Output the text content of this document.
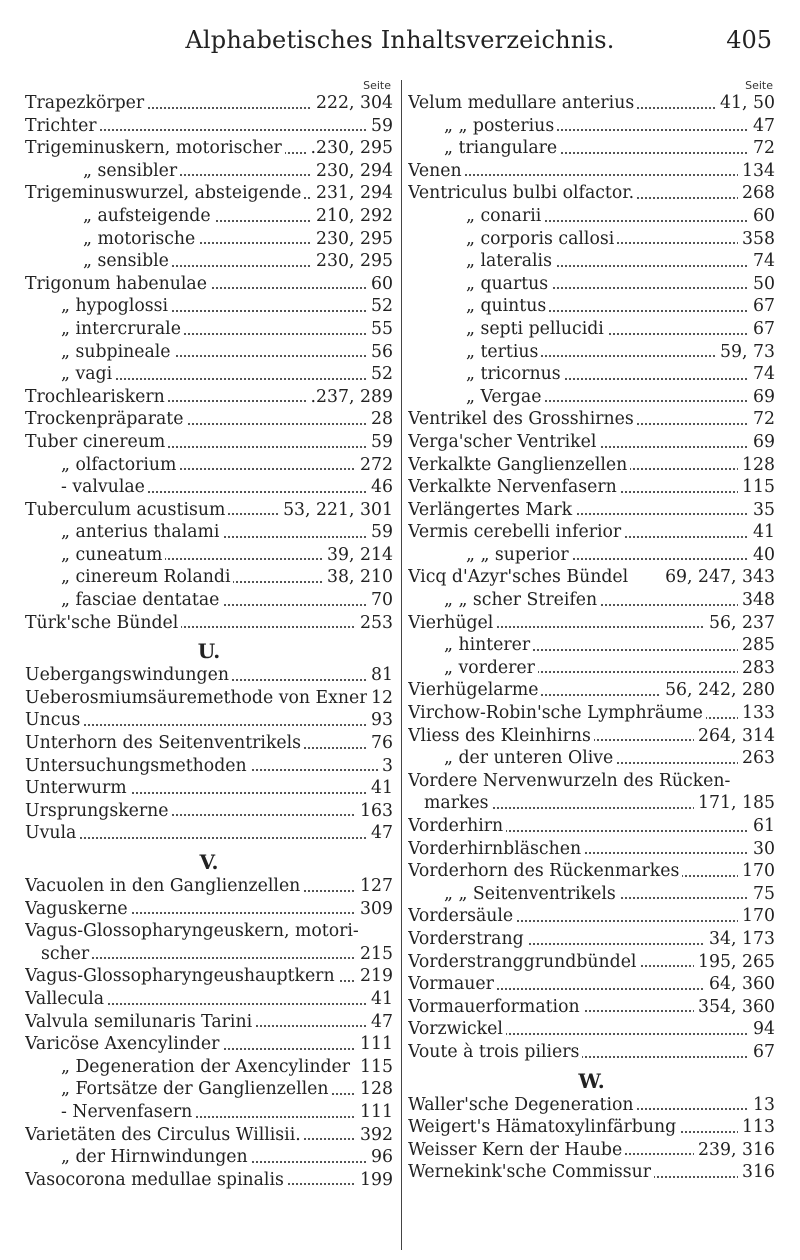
Alphabetisches Inhaltsverzeichnis.	405
Seite
Trapezkörper	222, 304
Trichter	59
Trigeminuskern, motorischer .230, 295
„ sensibler	230, 294
Trigeminuswurzel, absteigende 231, 294
„ aufsteigende	210, 292
„ motorische	230, 295
„ sensible	230, 295
Trigonum habenulae	60
„ hypoglossi	52
„ intercrurale	55
„ subpineale	56
„ vagi	52
Trochleariskern	.237, 289
Trockenpräparate	28
Tuber cinereum	59
„ olfactorium	272
- valvulae	46
Tuberculum acustisum	53, 221, 301
„ anterius thalami	59
„ cuneatum	39, 214
„ cinereum Rolandi	38, 210
„ fasciae dentatae	70
Türk'sche Bündel	253
U.
Uebergangswindungen	81
Ueberosmiumsäuremethode von Exner 12
Uncus	93
Unterhorn des Seitenventrikels	76
Untersuchungsmethoden	3
Unterwurm	41
Ursprungskerne	163
Uvula	47
V.
Vacuolen in den Ganglienzellen	127
Vaguskerne	309
Vagus-Glossopharyngeuskern, motori-
scher	215
Vagus-Glossopharyngeushauptkern 219
Vallecula	41
Valvula semilunaris Tarini	47
Varicöse Axencylinder	111
„ Degeneration der Axencylinder 115
„ Fortsätze der Ganglienzellen 128
- Nervenfasern	111
Varietäten des Circulus Willisii.	392
„ der Hirnwindungen	96
Vasocorona medullae spinalis	199
Seite
Velum medullare anterius	41, 50
„ „ posterius	47
„ triangulare	72
Venen	134
Ventriculus bulbi olfactor.	268
„ conarii	60
„ corporis callosi	358
„ lateralis	74
„ quartus	50
„ quintus	67
„ septi pellucidi	67
„ tertius	59, 73
„ tricornus	74
„ Vergae	69
Ventrikel des Grosshirnes	72
Verga'scher Ventrikel	69
Verkalkte Ganglienzellen	128
Verkalkte Nervenfasern	115
Verlängertes Mark	35
Vermis cerebelli inferior	41
„ „ superior	40
Vicq d'Azyr'sches Bündel 69, 247, 343
„ „ scher Streifen	348
Vierhügel	56, 237
„ hinterer	285
„ vorderer	283
Vierhügelarme	56, 242, 280
Virchow-Robin'sche Lymphräume 133
Vliess des Kleinhirns	264, 314
„ der unteren Olive	263
Vordere Nervenwurzeln des Rücken-
markes	171, 185
Vorderhirn	61
Vorderhirnbläschen	30
Vorderhorn des Rückenmarkes	170
„ „ Seitenventrikels	75
Vordersäule	170
Vorderstrang	34, 173
Vorderstranggrundbündel	195, 265
Vormauer	64, 360
Vormauerformation	354, 360
Vorzwickel	94
Voute à trois piliers	67
W.
Waller'sche Degeneration	13
Weigert's Hämatoxylinfärbung	113
Weisser Kern der Haube	239, 316
Wernekink'sche Commissur	316
